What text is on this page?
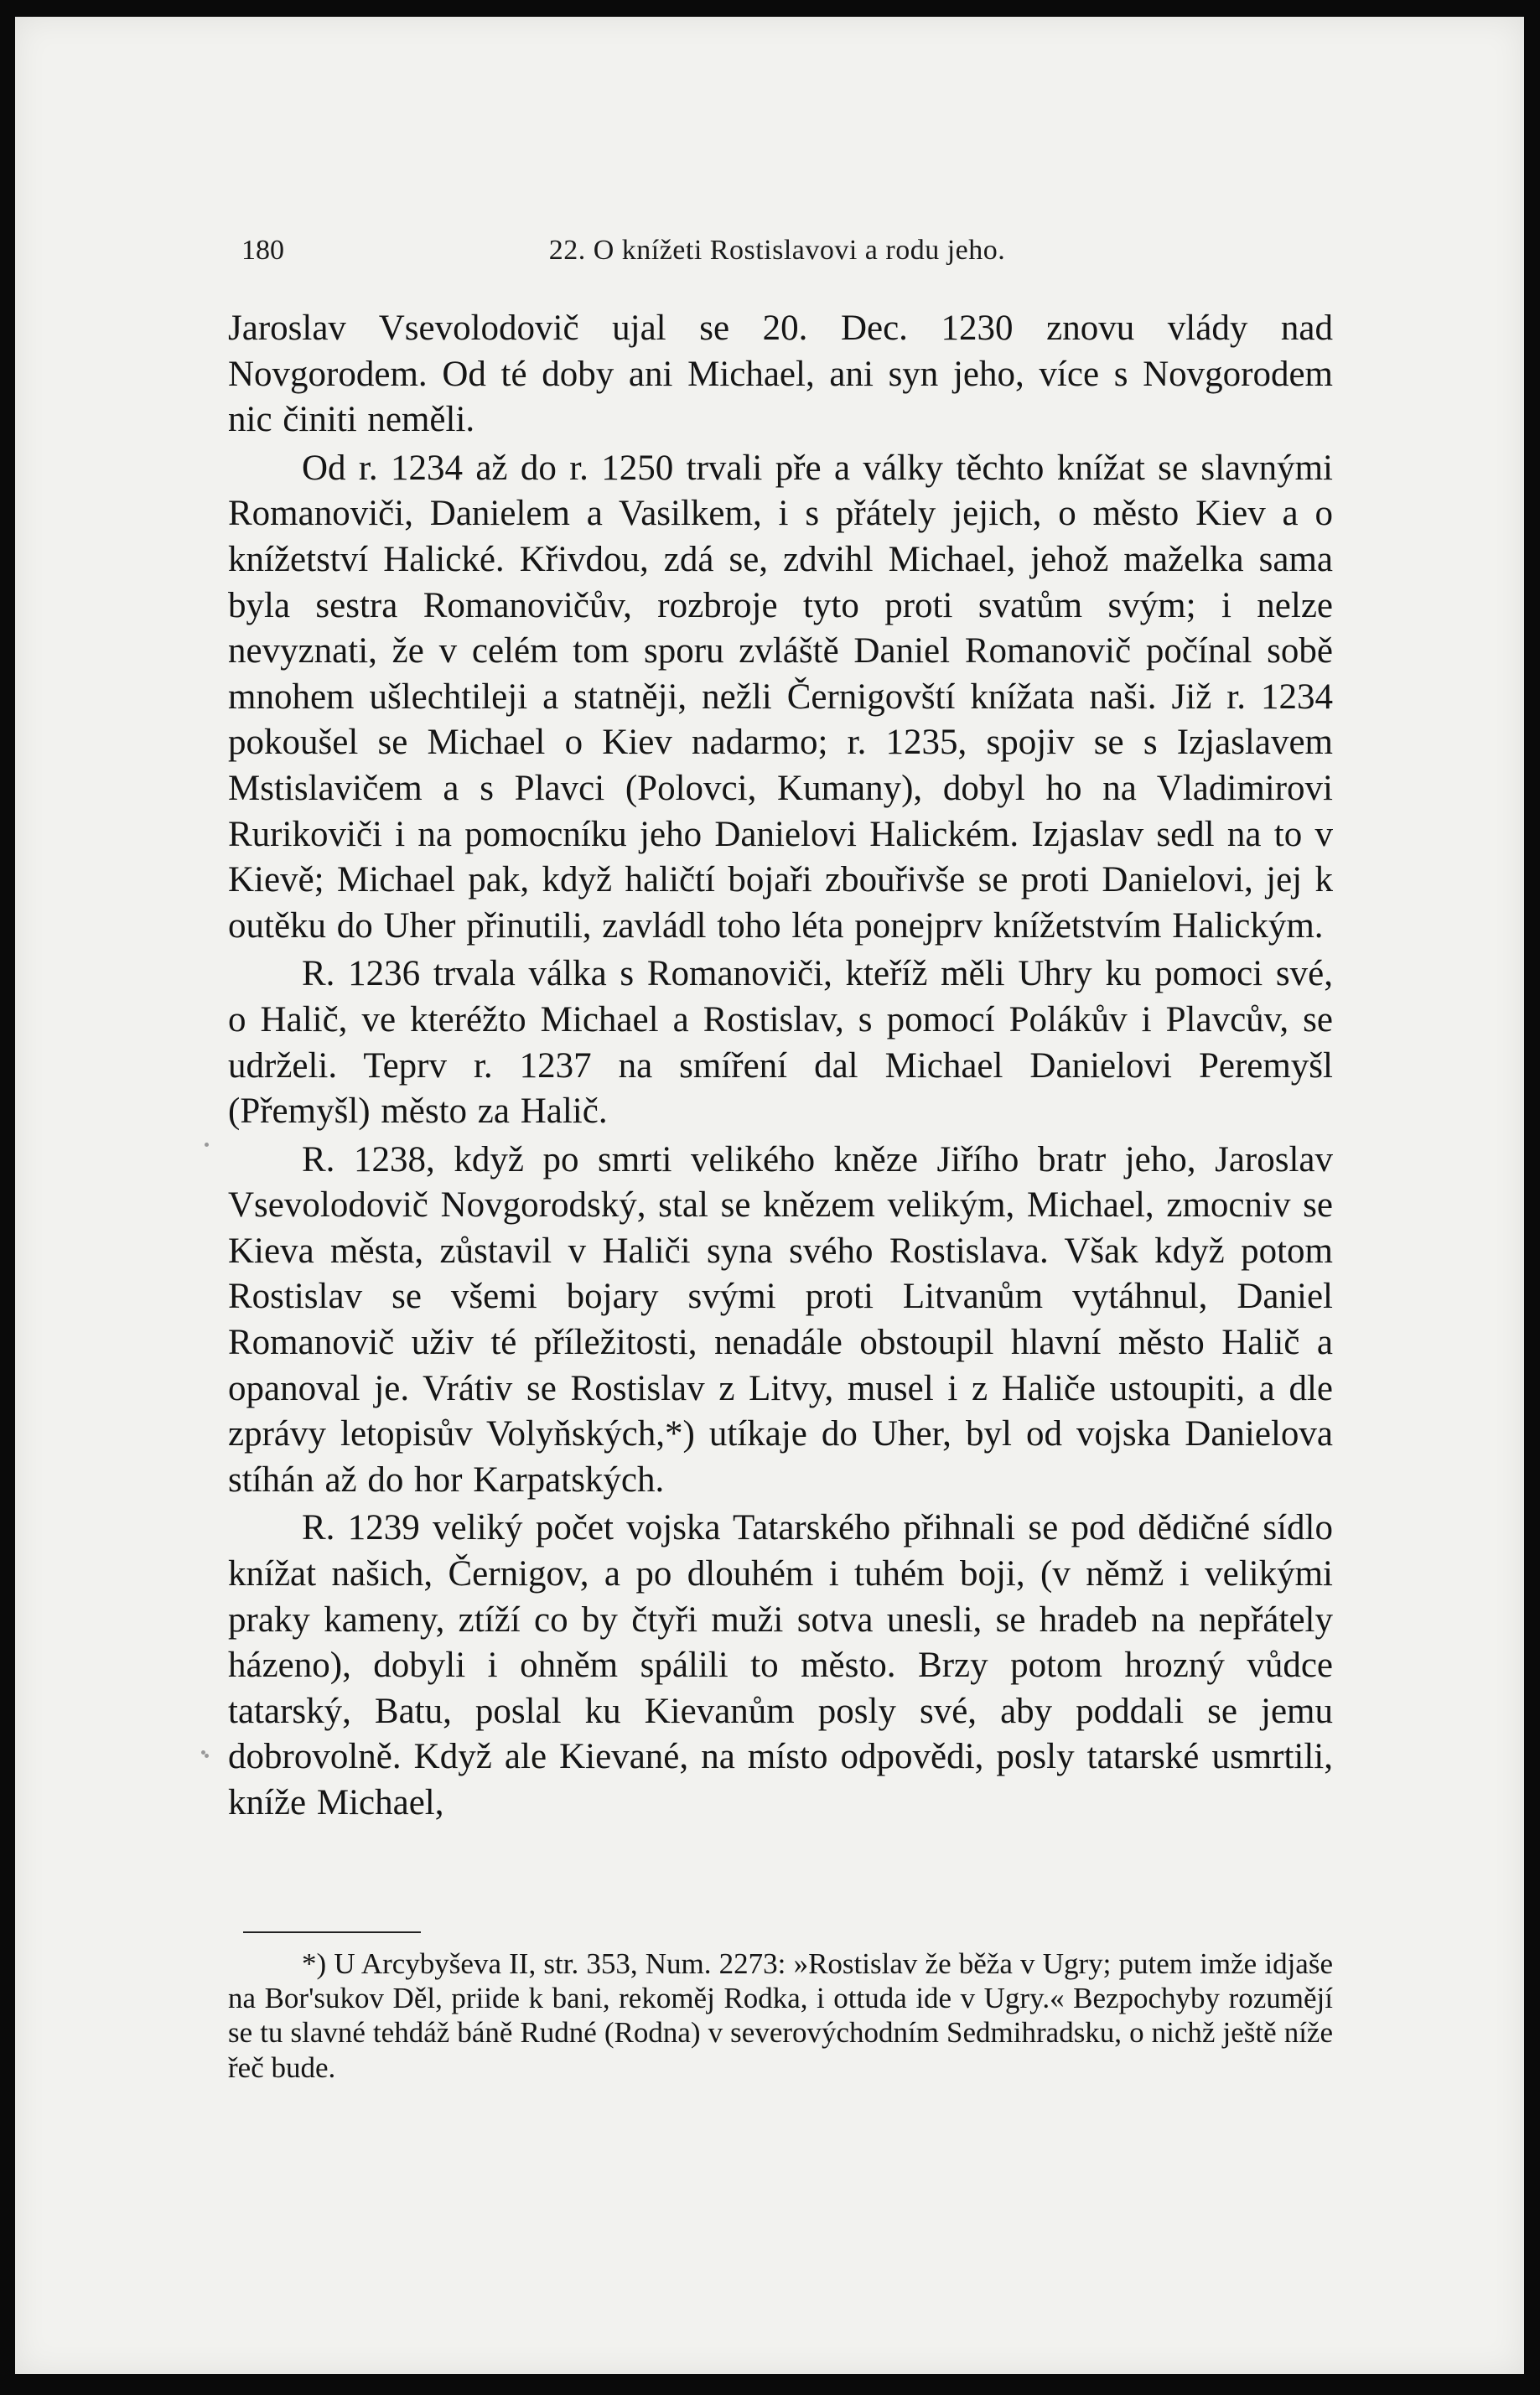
180	22. O knížeti Rostislavovi a rodu jeho.

Jaroslav Vsevolodovič ujal se 20. Dec. 1230 znovu vlády nad Novgorodem. Od té doby ani Michael, ani syn jeho, více s Novgorodem nic činiti neměli.

Od r. 1234 až do r. 1250 trvali pře a války těchto knížat se slavnými Romanoviči, Danielem a Vasilkem, i s přátely jejich, o město Kiev a o knížetství Halické. Křivdou, zdá se, zdvihl Michael, jehož maželka sama byla sestra Romanovičův, rozbroje tyto proti svatům svým; i nelze nevyznati, že v celém tom sporu zvláště Daniel Romanovič počínal sobě mnohem ušlechtileji a statněji, nežli Černigovští knížata naši. Již r. 1234 pokoušel se Michael o Kiev nadarmo; r. 1235, spojiv se s Izjaslavem Mstislavičem a s Plavci (Polovci, Kumany), dobyl ho na Vladimirovi Rurikoviči i na pomocníku jeho Danielovi Halickém. Izjaslav sedl na to v Kievě; Michael pak, když haličtí bojaři zbouřivše se proti Danielovi, jej k outěku do Uher přinutili, zavládl toho léta ponejprv knížetstvím Halickým.

R. 1236 trvala válka s Romanoviči, kteříž měli Uhry ku pomoci své, o Halič, ve kteréžto Michael a Rostislav, s pomocí Polákův i Plavcův, se udrželi. Teprv r. 1237 na smíření dal Michael Danielovi Peremyšl (Přemyšl) město za Halič.

R. 1238, když po smrti velikého kněze Jiřího bratr jeho, Jaroslav Vsevolodovič Novgorodský, stal se knězem velikým, Michael, zmocniv se Kieva města, zůstavil v Haliči syna svého Rostislava. Však když potom Rostislav se všemi bojary svými proti Litvanům vytáhnul, Daniel Romanovič uživ té příležitosti, nenadále obstoupil hlavní město Halič a opanoval je. Vrátiv se Rostislav z Litvy, musel i z Haliče ustoupiti, a dle zprávy letopisův Volyňských,*) utíkaje do Uher, byl od vojska Danielova stíhán až do hor Karpatských.

R. 1239 veliký počet vojska Tatarského přihnali se pod dědičné sídlo knížat našich, Černigov, a po dlouhém i tuhém boji, (v němž i velikými praky kameny, ztíží co by čtyři muži sotva unesli, se hradeb na nepřátely házeno), dobyli i ohněm spálili to město. Brzy potom hrozný vůdce tatarský, Batu, poslal ku Kievanům posly své, aby poddali se jemu dobrovolně. Když ale Kievané, na místo odpovědi, posly tatarské usmrtili, kníže Michael,

*) U Arcybyševa II, str. 353, Num. 2273: »Rostislav že běža v Ugry; putem imže idjaše na Bor'sukov Děl, priide k bani, rekoměj Rodka, i ottuda ide v Ugry.« Bezpochyby rozumějí se tu slavné tehdáž báně Rudné (Rodna) v severovýchodním Sedmihradsku, o nichž ještě níže řeč bude.
